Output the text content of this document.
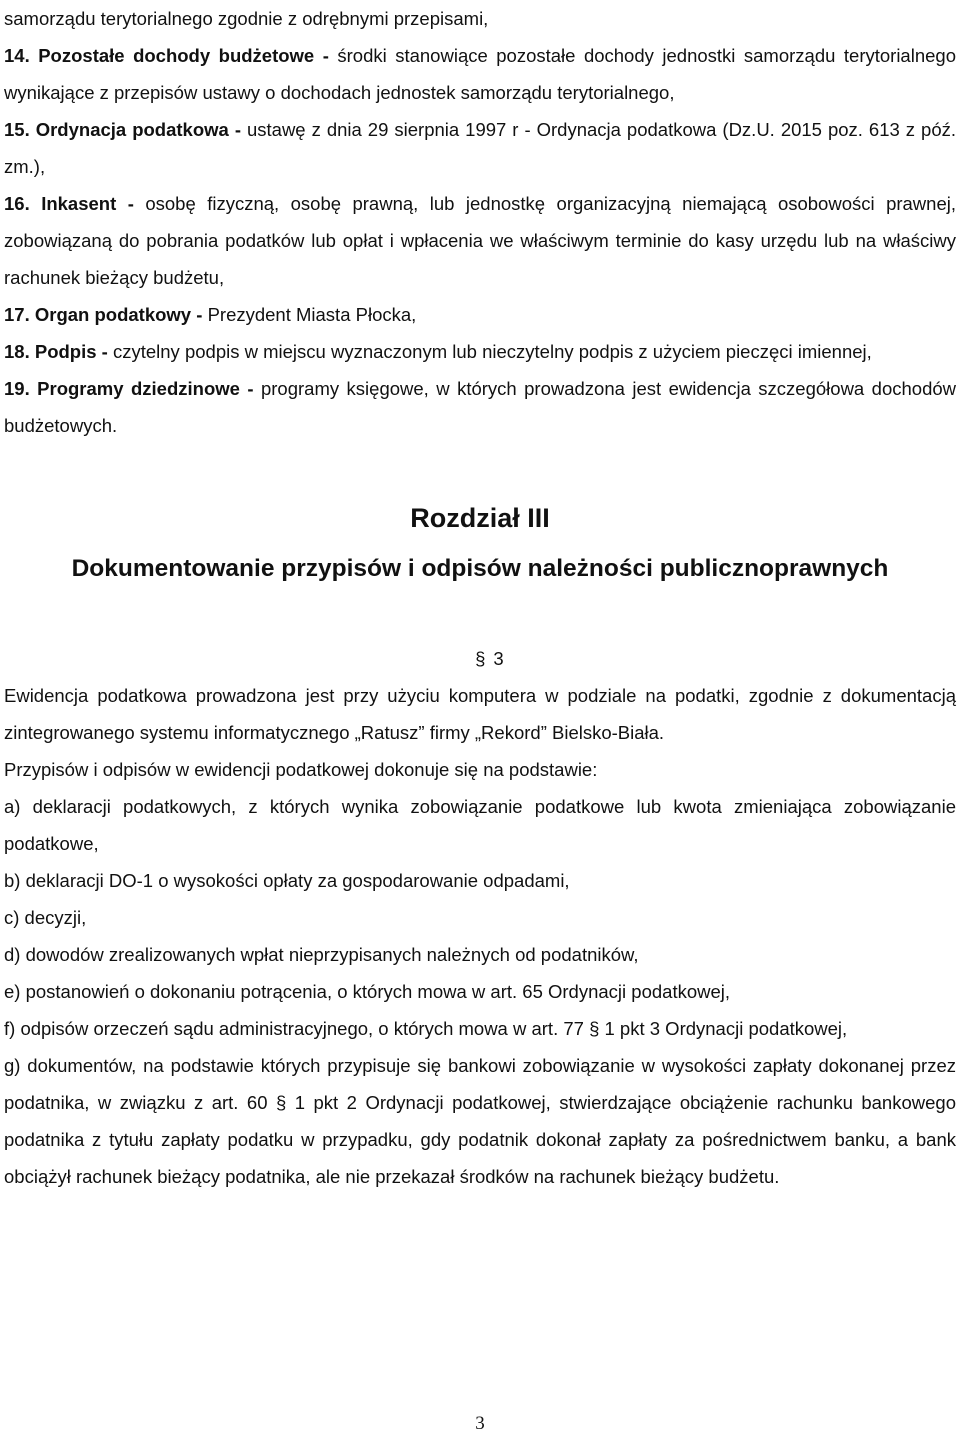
samorządu terytorialnego zgodnie z odrębnymi przepisami,

14. Pozostałe dochody budżetowe - środki stanowiące pozostałe dochody jednostki samorządu terytorialnego wynikające z przepisów ustawy o dochodach jednostek samorządu terytorialnego,

15. Ordynacja podatkowa - ustawę z dnia 29 sierpnia 1997 r - Ordynacja podatkowa (Dz.U. 2015 poz. 613 z póź. zm.),

16. Inkasent - osobę fizyczną, osobę prawną, lub jednostkę organizacyjną niemającą osobowości prawnej, zobowiązaną do pobrania podatków lub opłat i wpłacenia we właściwym terminie do kasy urzędu lub na właściwy rachunek bieżący budżetu,

17. Organ podatkowy - Prezydent Miasta Płocka,

18. Podpis - czytelny podpis w miejscu wyznaczonym lub nieczytelny podpis z użyciem pieczęci imiennej,

19. Programy dziedzinowe - programy księgowe, w których prowadzona jest ewidencja szczegółowa dochodów budżetowych.

Rozdział III

Dokumentowanie przypisów i odpisów należności publicznoprawnych

§ 3

Ewidencja podatkowa prowadzona jest przy użyciu komputera w podziale na podatki, zgodnie z dokumentacją zintegrowanego systemu informatycznego „Ratusz” firmy „Rekord” Bielsko-Biała.

Przypisów i odpisów w ewidencji podatkowej dokonuje się na podstawie:

a) deklaracji podatkowych, z których wynika zobowiązanie podatkowe lub kwota zmieniająca zobowiązanie podatkowe,

b) deklaracji DO-1 o wysokości opłaty za gospodarowanie odpadami,

c) decyzji,

d) dowodów zrealizowanych wpłat nieprzypisanych należnych od podatników,

e) postanowień o dokonaniu potrącenia, o których mowa w art. 65 Ordynacji podatkowej,

f) odpisów orzeczeń sądu administracyjnego, o których mowa w art. 77 § 1 pkt 3 Ordynacji podatkowej,

g) dokumentów, na podstawie których przypisuje się bankowi zobowiązanie w wysokości zapłaty dokonanej przez podatnika, w związku z art. 60 § 1 pkt 2 Ordynacji podatkowej, stwierdzające obciążenie rachunku bankowego podatnika z tytułu zapłaty podatku w przypadku, gdy podatnik dokonał zapłaty za pośrednictwem banku, a bank obciążył rachunek bieżący podatnika, ale nie przekazał środków na rachunek bieżący budżetu.

3
